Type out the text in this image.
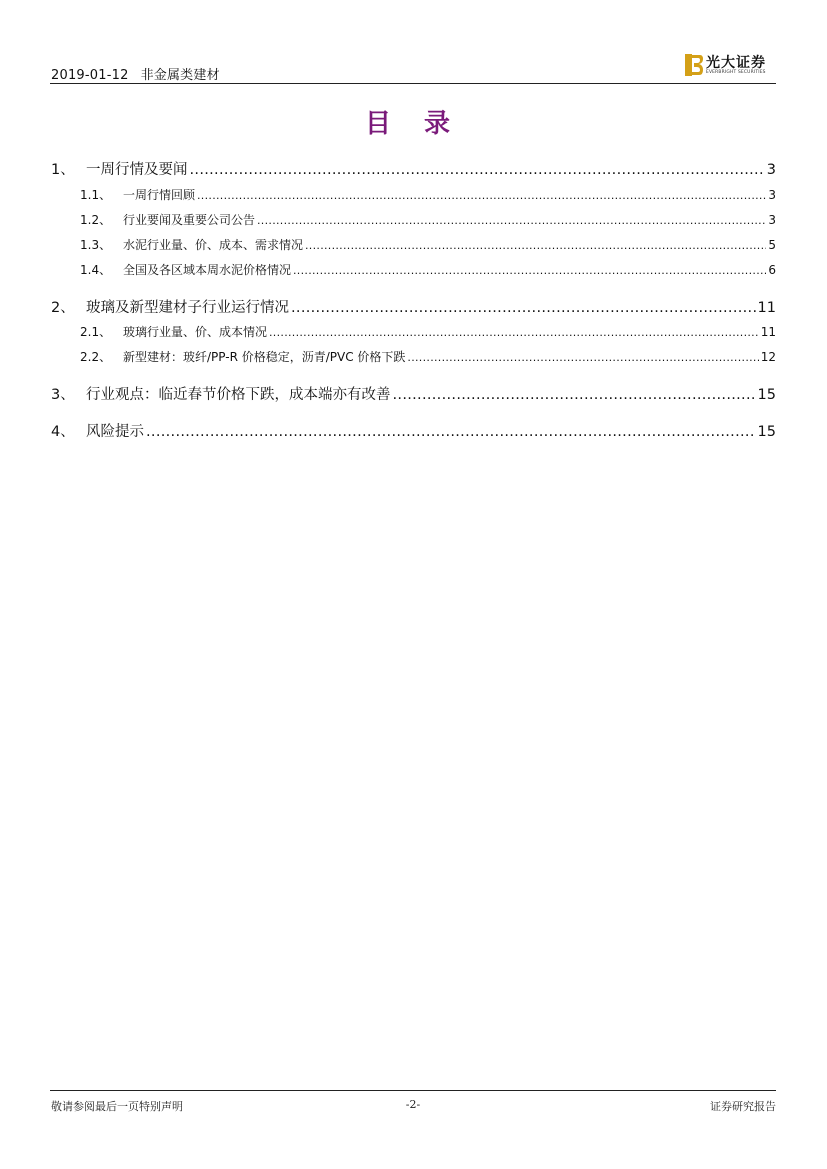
2019-01-12 非金属类建材
光大证券
EVERBRIGHT SECURITIES
目 录
1、 一周行情及要闻 .....	3
1.1、 一周行情回顾 .....	3
1.2、 行业要闻及重要公司公告 .....	3
1.3、 水泥行业量、价、成本、需求情况 .....	5
1.4、 全国及各区域本周水泥价格情况 .....	6
2、 玻璃及新型建材子行业运行情况 .....	11
2.1、 玻璃行业量、价、成本情况 .....	11
2.2、 新型建材：玻纤/PP-R 价格稳定，沥青/PVC 价格下跌 .....	12
3、 行业观点：临近春节价格下跌，成本端亦有改善 .....	15
4、 风险提示 .....	15
敬请参阅最后一页特别声明	-2-	证券研究报告
